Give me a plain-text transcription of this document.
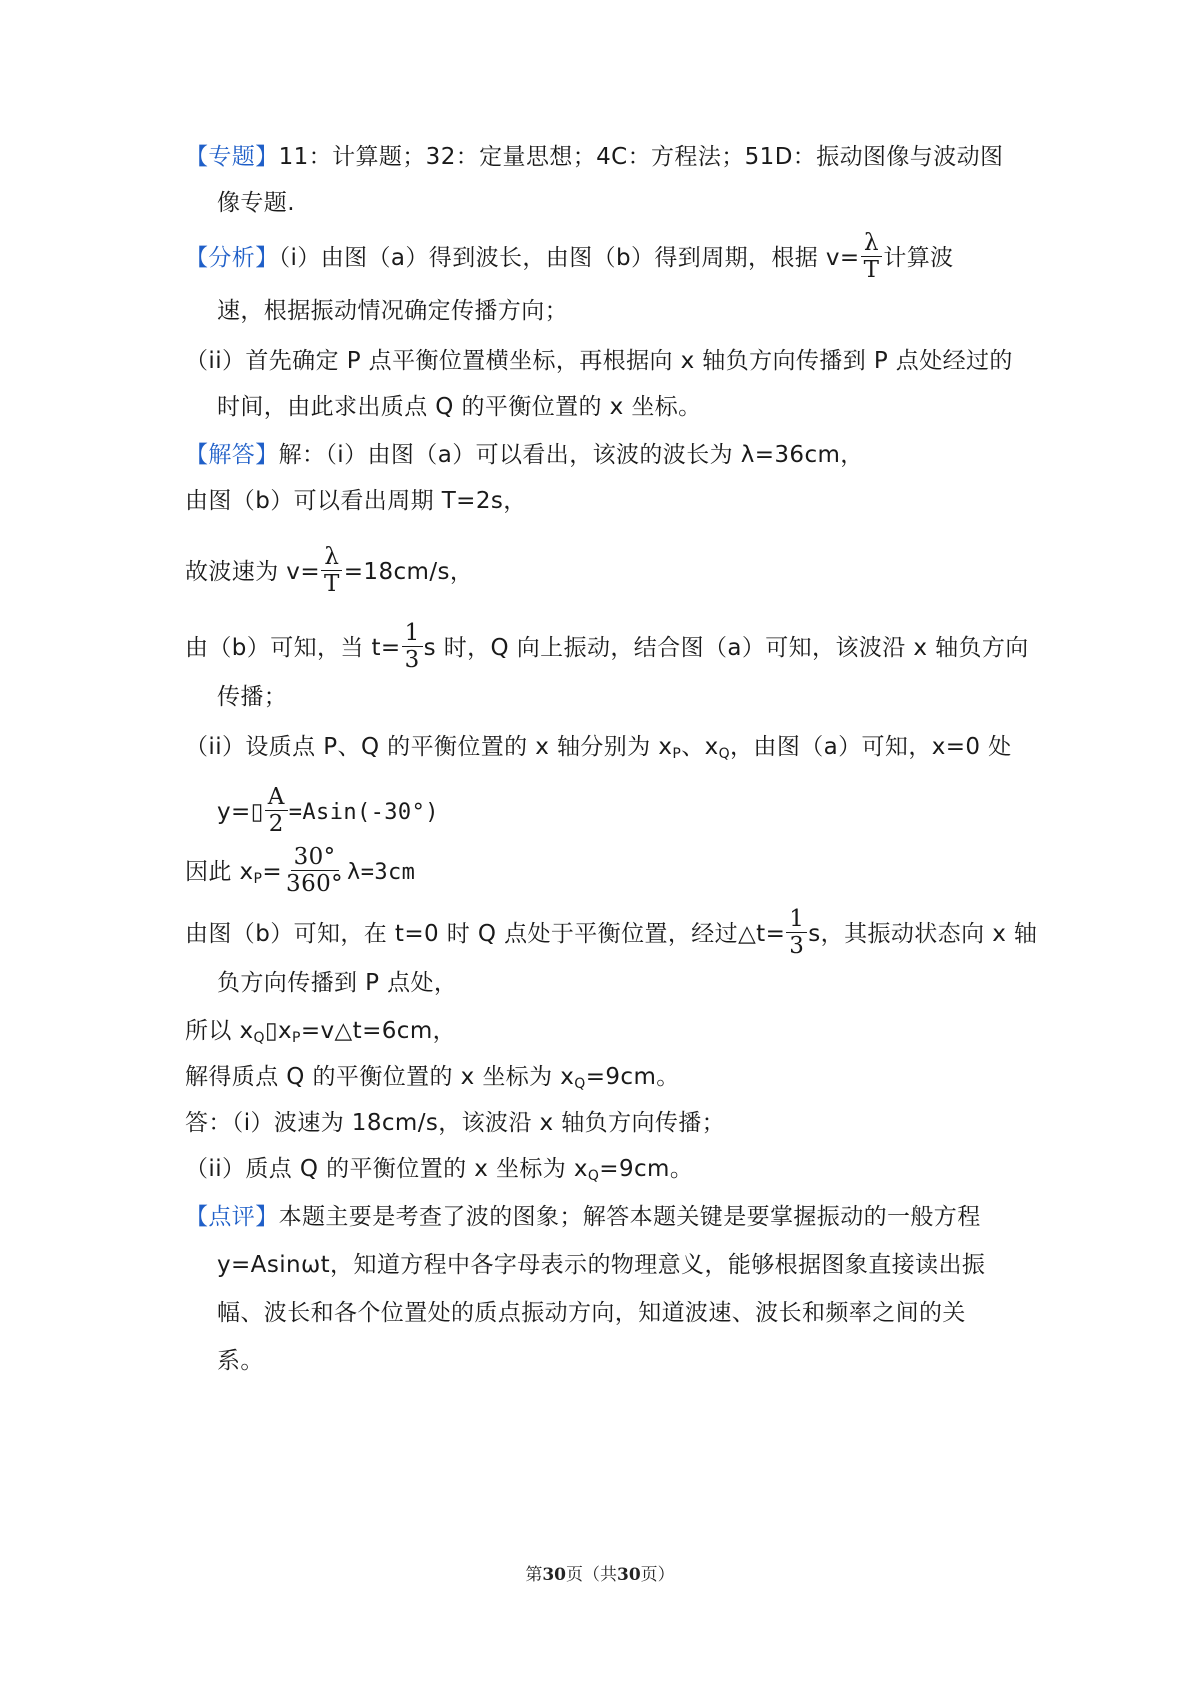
【专题】11：计算题；32：定量思想；4C：方程法；51D：振动图像与波动图
像专题.
【分析】（i）由图（a）得到波长，由图（b）得到周期，根据 $v= \frac{\lambda}{T}$ 计算波
速，根据振动情况确定传播方向；
（ii）首先确定 P 点平衡位置横坐标，再根据向 x 轴负方向传播到 P 点处经过的
时间，由此求出质点 Q 的平衡位置的 x 坐标。
【解答】解：（i）由图（a）可以看出，该波的波长为 λ=36cm，
由图（b）可以看出周期 T=2s，
故波速为 $v= \frac{\lambda}{T} =18cm/s$，
由（b）可知，当 $t= \frac{1}{3}$ s 时，Q 向上振动，结合图（a）可知，该波沿 x 轴负方向
传播；
（ii）设质点 P、Q 的平衡位置的 x 轴分别为 $x_P$、$x_Q$，由图（a）可知，x=0 处
y=▯ $\frac{A}{2} =Asin(-30^\circ)$
因此 $x_P= \frac{30^\circ}{360^\circ} \lambda=3cm$
由图（b）可知，在 t=0 时 Q 点处于平衡位置，经过△t= $\frac{1}{3}$ s，其振动状态向 x 轴
负方向传播到 P 点处，
所以 $x_Q▯x_P=v\triangle t=6cm$，
解得质点 Q 的平衡位置的 x 坐标为 $x_Q=9cm$。
答：（i）波速为 18cm/s，该波沿 x 轴负方向传播；
（ii）质点 Q 的平衡位置的 x 坐标为 $x_Q=9cm$。
【点评】本题主要是考查了波的图象；解答本题关键是要掌握振动的一般方程
y=Asinωt，知道方程中各字母表示的物理意义，能够根据图象直接读出振
幅、波长和各个位置处的质点振动方向，知道波速、波长和频率之间的关
系。
第30页（共30页）
